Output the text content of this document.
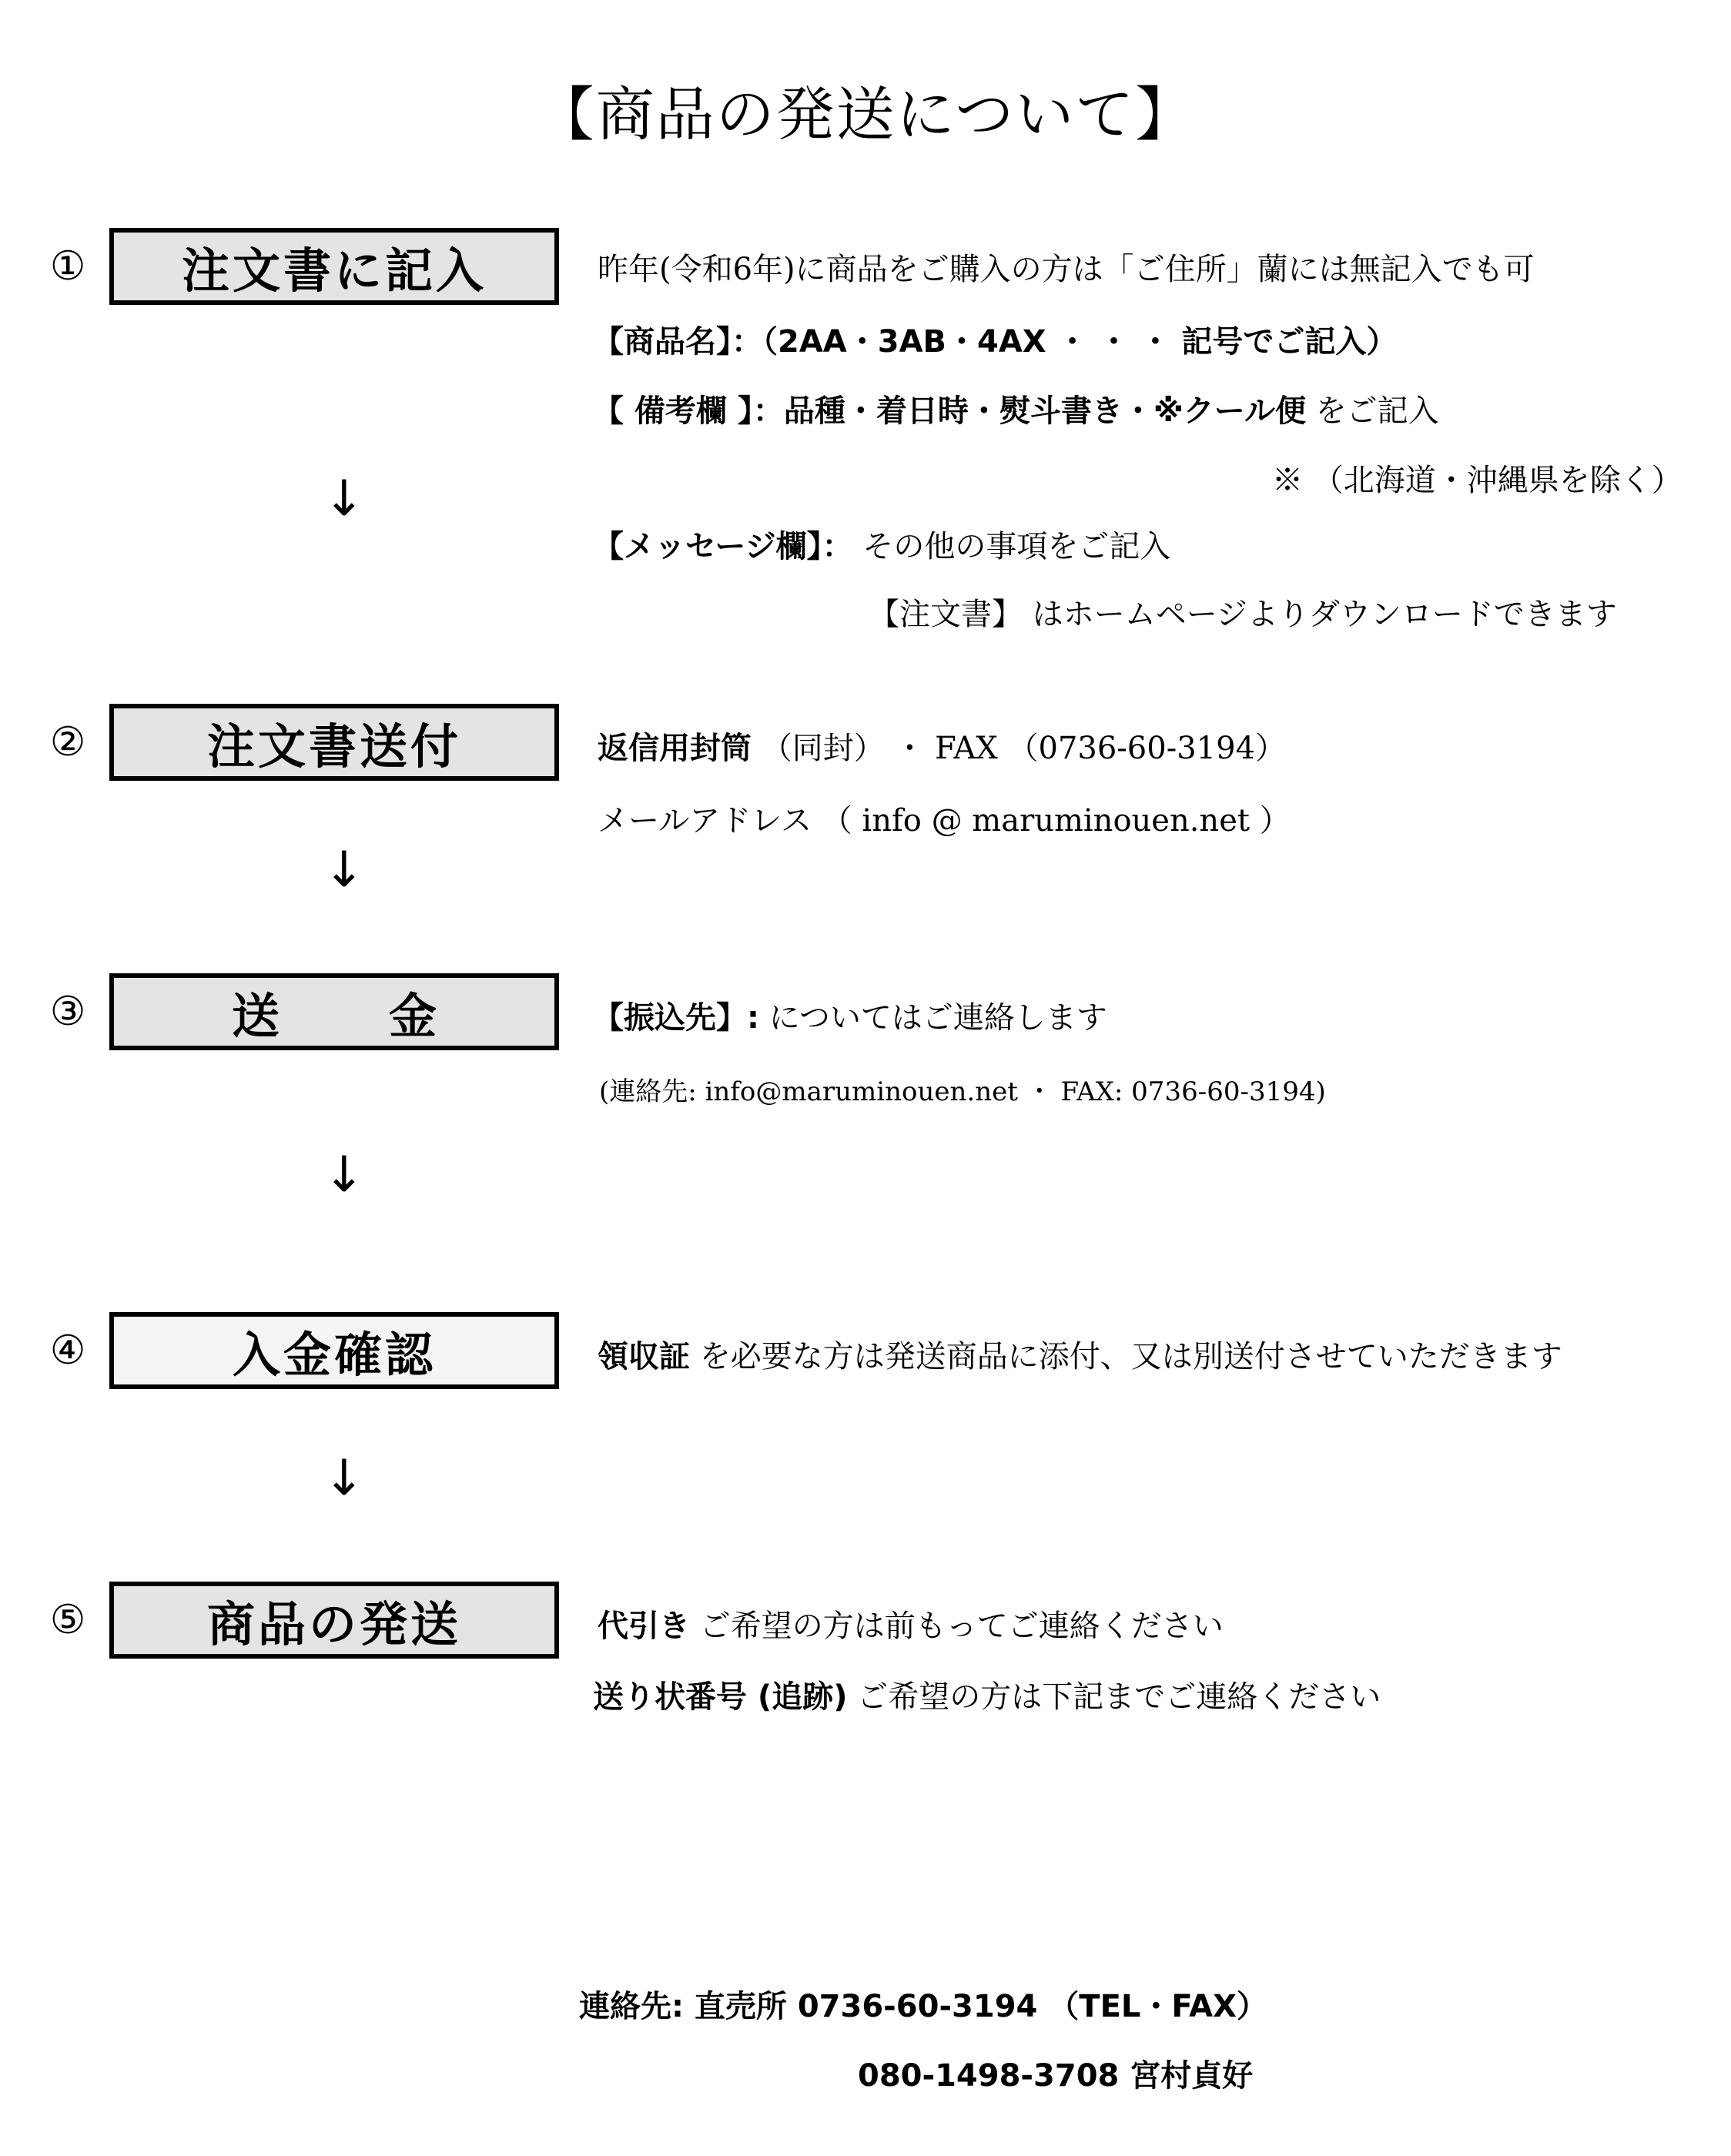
【商品の発送について】
① 注文書に記入	昨年(令和6年)に商品をご購入の方は「ご住所」蘭には無記入でも可
【商品名】：（2AA・3AB・4AX ・ ・ ・ 記号でご記入）
【 備考欄 】：品種・着日時・熨斗書き・※クール便 をご記入
※ （北海道・沖縄県を除く）
↓
【メッセージ欄】： その他の事項をご記入
【注文書】 はホームページよりダウンロードできます
②	注文書送付	返信用封筒 （同封） ・ FAX （0736-60-3194）
メールアドレス （ info @ maruminouen.net ）
↓
③	送　金	【振込先】: についてはご連絡します
(連絡先: info@maruminouen.net ・ FAX: 0736-60-3194)
↓
④	入金確認	領収証 を必要な方は発送商品に添付、又は別送付させていただきます
↓
⑤	商品の発送	代引き ご希望の方は前もってご連絡ください
送り状番号 (追跡) ご希望の方は下記までご連絡ください
連絡先: 直売所 0736-60-3194 （TEL・FAX）
080-1498-3708 宮村貞好
